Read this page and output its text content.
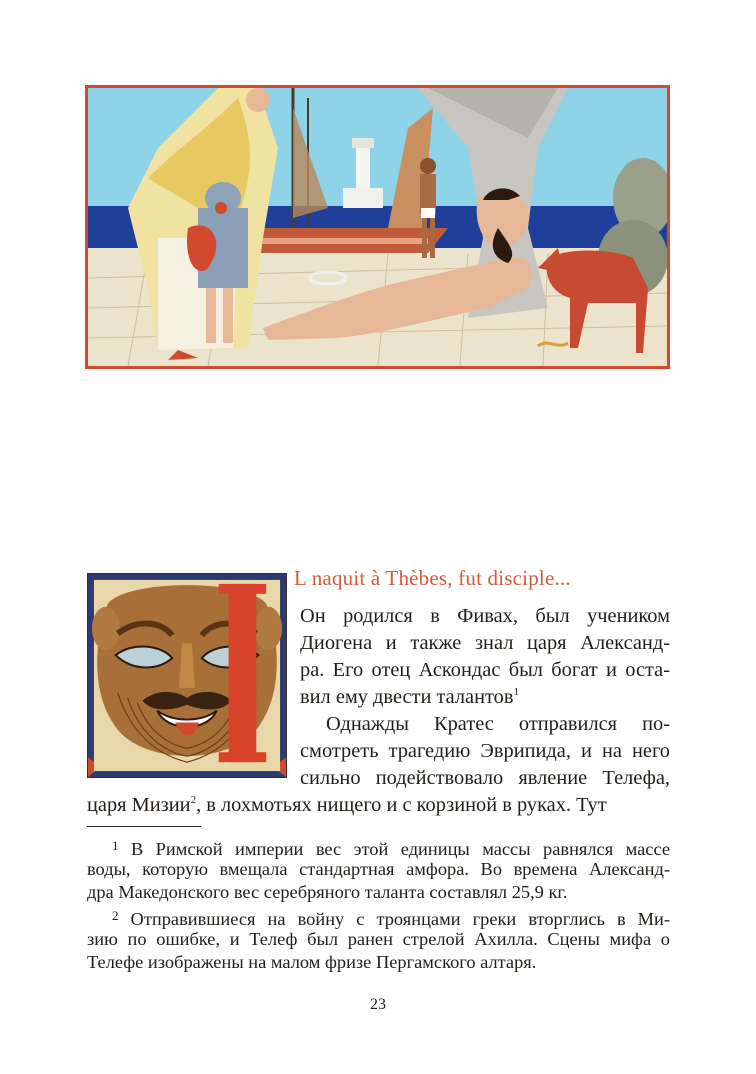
L naquit à Thèbes, fut disciple...
Он родился в Фивах, был учеником
Диогена и также знал царя Александ-
ра. Его отец Аскондас был богат и оста-
вил ему двести талантов$^1$
Однажды Кратес отправился по-
смотреть трагедию Эврипида, и на него
сильно подействовало явление Телефа,
царя Мизии$^2$, в лохмотьях нищего и с корзиной в руках. Тут
$^1$ В Римской империи вес этой единицы массы равнялся массе
воды, которую вмещала стандартная амфора. Во времена Александ-
дра Македонского вес серебряного таланта составлял 25,9 кг.
$^2$ Отправившиеся на войну с троянцами греки вторглись в Ми-
зию по ошибке, и Телеф был ранен стрелой Ахилла. Сцены мифа о
Телефе изображены на малом фризе Пергамского алтаря.
23
